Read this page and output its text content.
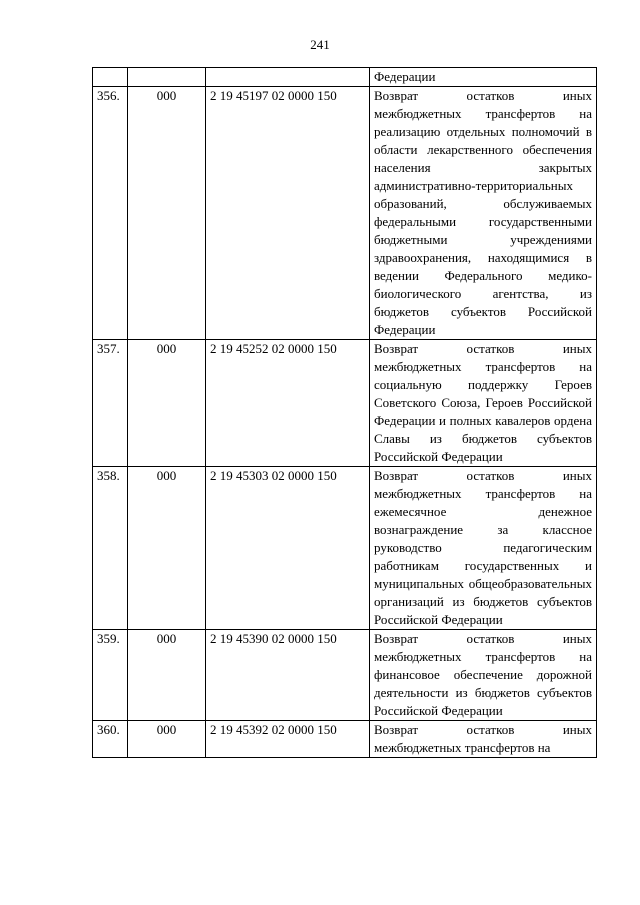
241
			Федерации
356.	000	2 19 45197 02 0000 150	Возврат остатков иных межбюджетных трансфертов на реализацию отдельных полномочий в области лекарственного обеспечения населения закрытых административно-территориальных образований, обслуживаемых федеральными государственными бюджетными учреждениями здравоохранения, находящимися в ведении Федерального медико-биологического агентства, из бюджетов субъектов Российской Федерации
357.	000	2 19 45252 02 0000 150	Возврат остатков иных межбюджетных трансфертов на социальную поддержку Героев Советского Союза, Героев Российской Федерации и полных кавалеров ордена Славы из бюджетов субъектов Российской Федерации
358.	000	2 19 45303 02 0000 150	Возврат остатков иных межбюджетных трансфертов на ежемесячное денежное вознаграждение за классное руководство педагогическим работникам государственных и муниципальных общеобразовательных организаций из бюджетов субъектов Российской Федерации
359.	000	2 19 45390 02 0000 150	Возврат остатков иных межбюджетных трансфертов на финансовое обеспечение дорожной деятельности из бюджетов субъектов Российской Федерации
360.	000	2 19 45392 02 0000 150	Возврат остатков иных межбюджетных трансфертов на
